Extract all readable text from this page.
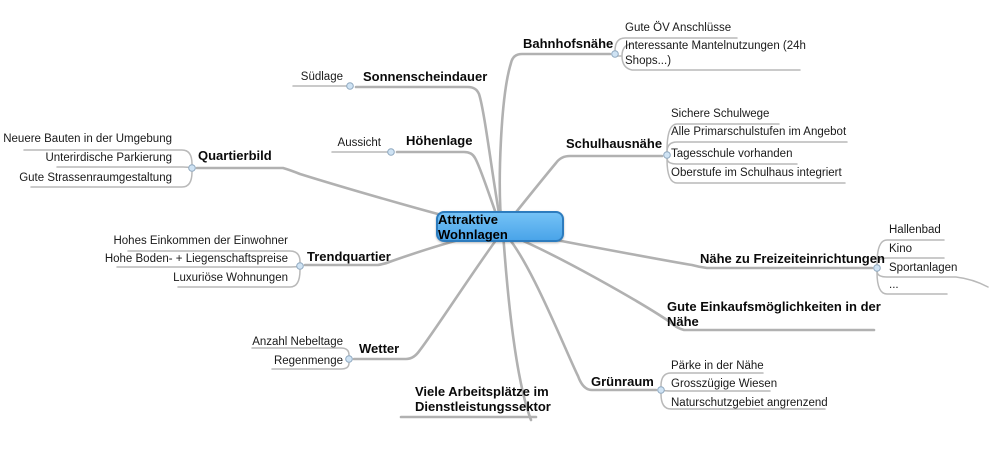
Attraktive Wohnlagen
Bahnhofsnähe
Sonnenscheindauer
Höhenlage	Schulhausnähe
Quartierbild
Trendquartier	Nähe zu Freizeiteinrichtungen
Gute Einkaufsmöglichkeiten in der Nähe
Wetter
Viele Arbeitsplätze im Dienstleistungssektor
Grünraum
Gute ÖV Anschlüsse
Interessante Mantelnutzungen (24h Shops...)
Südlage
Aussicht
Sichere Schulwege
Alle Primarschulstufen im Angebot
Tagesschule vorhanden
Oberstufe im Schulhaus integriert
Neuere Bauten in der Umgebung
Unterirdische Parkierung
Gute Strassenraumgestaltung
Hohes Einkommen der Einwohner
Hohe Boden- + Liegenschaftspreise
Luxuriöse Wohnungen
Hallenbad
Kino
Sportanlagen
...
Anzahl Nebeltage
Regenmenge	Pärke in der Nähe
Grosszügige Wiesen
Naturschutzgebiet angrenzend
